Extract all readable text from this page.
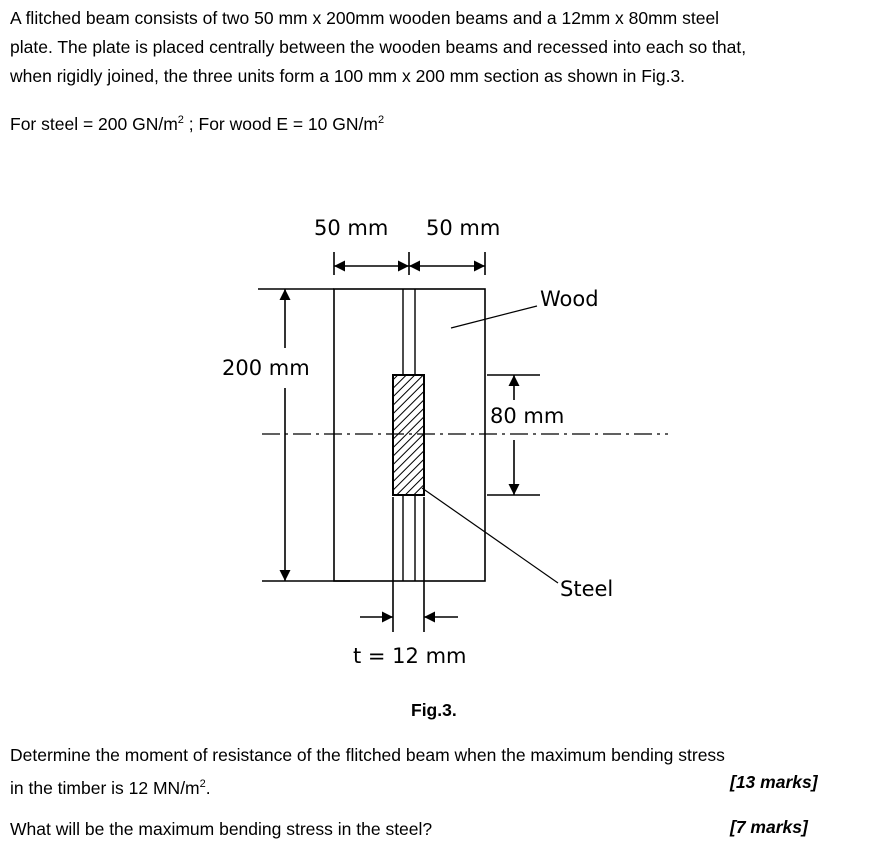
A flitched beam consists of two 50 mm x 200mm wooden beams and a 12mm x 80mm steel
plate. The plate is placed centrally between the wooden beams and recessed into each so that,
when rigidly joined, the three units form a 100 mm x 200 mm section as shown in Fig.3.
For steel = 200 $GN/m^2$ ; For wood E = 10 $GN/m^2$
50 mm 50 mm
200 mm
80 mm
t = 12 mm
Wood
Steel
Fig.3.
Determine the moment of resistance of the flitched beam when the maximum bending stress
in the timber is 12 $MN/m^2$.	[13 marks]
What will be the maximum bending stress in the steel?	[7 marks]
